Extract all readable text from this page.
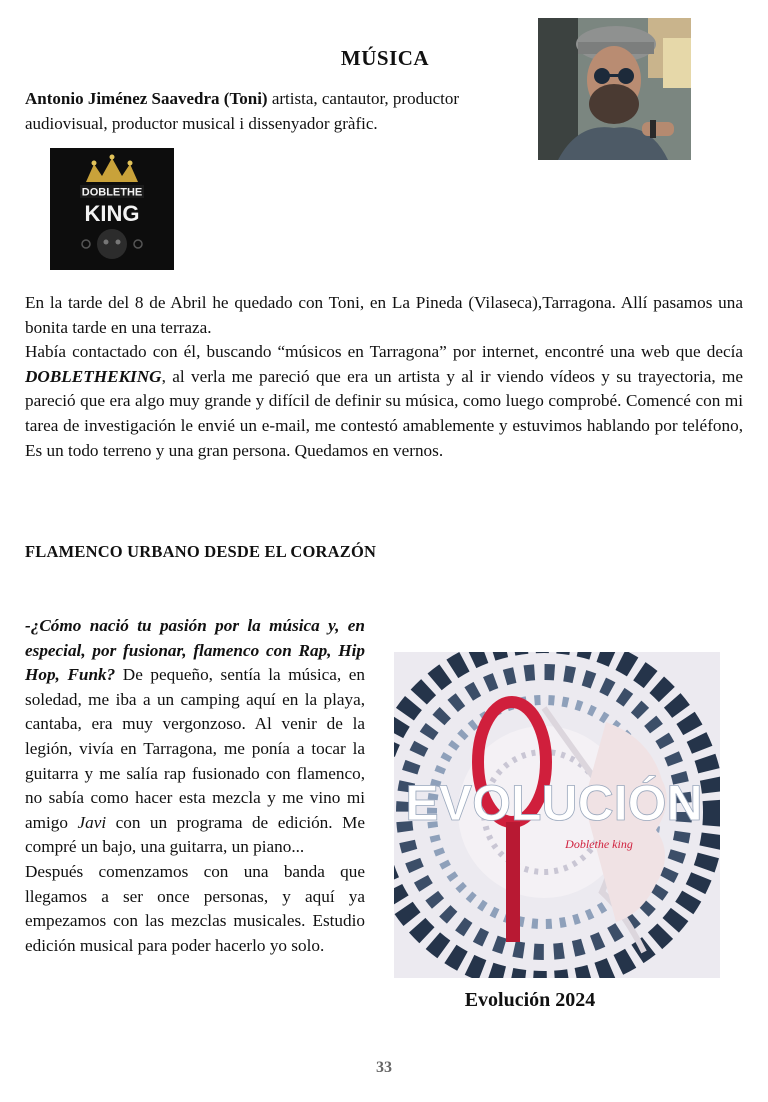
MÚSICA
Antonio Jiménez Saavedra (Toni) artista, cantautor, productor audiovisual, productor musical i dissenyador gràfic.
DOBLETHE
KING

En la tarde del 8 de Abril he quedado con Toni, en La Pineda (Vilaseca),Tarragona. Allí pasamos una bonita tarde en una terraza.

Había contactado con él, buscando “músicos en Tarragona” por internet, encontré una web que decía DOBLETHEKING, al verla me pareció que era un artista y al ir viendo vídeos y su trayectoria, me pareció que era algo muy grande y difícil de definir su música, como luego comprobé. Comencé con mi tarea de investigación le envié un e-mail, me contestó amablemente y estuvimos hablando por teléfono, Es un todo terreno y una gran persona. Quedamos en vernos.

FLAMENCO URBANO DESDE EL CORAZÓN

-¿Cómo nació tu pasión por la música y, en especial, por fusionar, flamenco con Rap, Hip Hop, Funk? De pequeño, sentía la música, en soledad, me iba a un camping aquí en la playa, cantaba, era muy vergonzoso. Al venir de la legión, vivía en Tarragona, me ponía a tocar la guitarra y me salía rap fusionado con flamenco, no sabía como hacer esta mezcla y me vino mi amigo Javi con un programa de edición. Me compré un bajo, una guitarra, un piano...

Después comenzamos con una banda que llegamos a ser once personas, y aquí ya empezamos con las mezclas musicales. Estudio edición musical para poder hacerlo yo solo.

EVOLUCIÓN
Doblethe king
Evolución 2024
33
